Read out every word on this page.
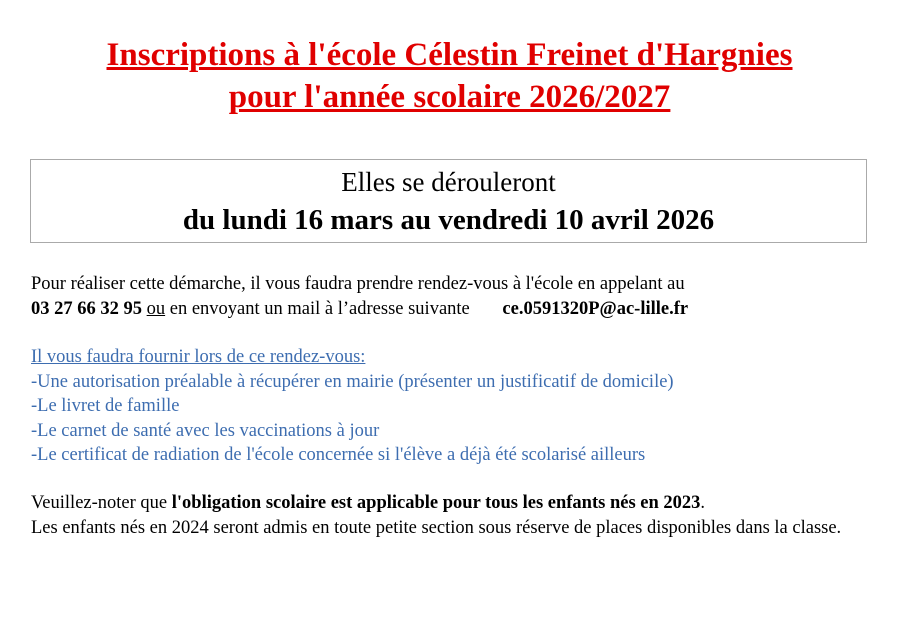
Inscriptions à l'école Célestin Freinet d'Hargnies
pour l'année scolaire 2026/2027
Elles se dérouleront
du lundi 16 mars au vendredi 10 avril 2026
Pour réaliser cette démarche, il vous faudra prendre rendez-vous à l'école en appelant au
03 27 66 32 95 ou en envoyant un mail à l’adresse suivante ce.0591320P@ac-lille.fr
Il vous faudra fournir lors de ce rendez-vous:
-Une autorisation préalable à récupérer en mairie (présenter un justificatif de domicile)
-Le livret de famille
-Le carnet de santé avec les vaccinations à jour
-Le certificat de radiation de l'école concernée si l'élève a déjà été scolarisé ailleurs
Veuillez-noter que l'obligation scolaire est applicable pour tous les enfants nés en 2023.
Les enfants nés en 2024 seront admis en toute petite section sous réserve de places disponibles dans la classe.
